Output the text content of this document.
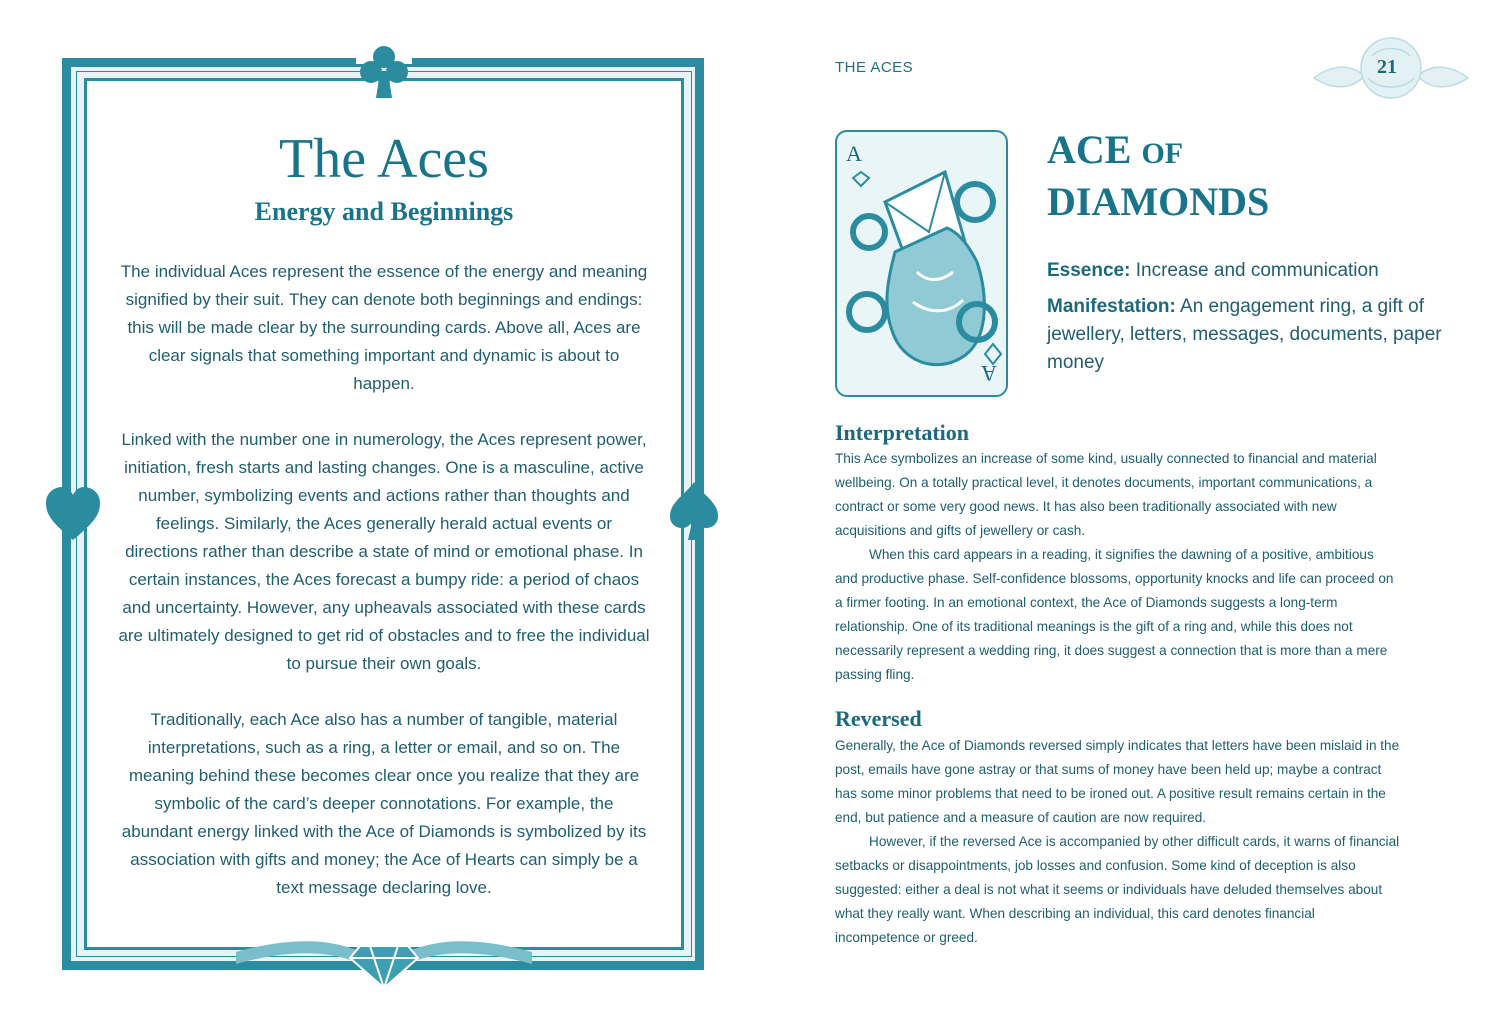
The Aces
Energy and Beginnings

The individual Aces represent the essence of the energy and meaning signified by their suit. They can denote both beginnings and endings: this will be made clear by the surrounding cards. Above all, Aces are clear signals that something important and dynamic is about to happen.

Linked with the number one in numerology, the Aces represent power, initiation, fresh starts and lasting changes. One is a masculine, active number, symbolizing events and actions rather than thoughts and feelings. Similarly, the Aces generally herald actual events or directions rather than describe a state of mind or emotional phase. In certain instances, the Aces forecast a bumpy ride: a period of chaos and uncertainty. However, any upheavals associated with these cards are ultimately designed to get rid of obstacles and to free the individual to pursue their own goals.

Traditionally, each Ace also has a number of tangible, material interpretations, such as a ring, a letter or email, and so on. The meaning behind these becomes clear once you realize that they are symbolic of the card’s deeper connotations. For example, the abundant energy linked with the Ace of Diamonds is symbolized by its association with gifts and money; the Ace of Hearts can simply be a text message declaring love.

THE ACES	21
A
A
ACE OF
DIAMONDS
Essence: Increase and communication
Manifestation: An engagement ring, a gift of jewellery, letters, messages, documents, paper money
Interpretation

This Ace symbolizes an increase of some kind, usually connected to financial and material wellbeing. On a totally practical level, it denotes documents, important communications, a contract or some very good news. It has also been traditionally associated with new acquisitions and gifts of jewellery or cash.

When this card appears in a reading, it signifies the dawning of a positive, ambitious and productive phase. Self-confidence blossoms, opportunity knocks and life can proceed on a firmer footing. In an emotional context, the Ace of Diamonds suggests a long-term relationship. One of its traditional meanings is the gift of a ring and, while this does not necessarily represent a wedding ring, it does suggest a connection that is more than a mere passing fling.

Reversed

Generally, the Ace of Diamonds reversed simply indicates that letters have been mislaid in the post, emails have gone astray or that sums of money have been held up; maybe a contract has some minor problems that need to be ironed out. A positive result remains certain in the end, but patience and a measure of caution are now required.

However, if the reversed Ace is accompanied by other difficult cards, it warns of financial setbacks or disappointments, job losses and confusion. Some kind of deception is also suggested: either a deal is not what it seems or individuals have deluded themselves about what they really want. When describing an individual, this card denotes financial incompetence or greed.
